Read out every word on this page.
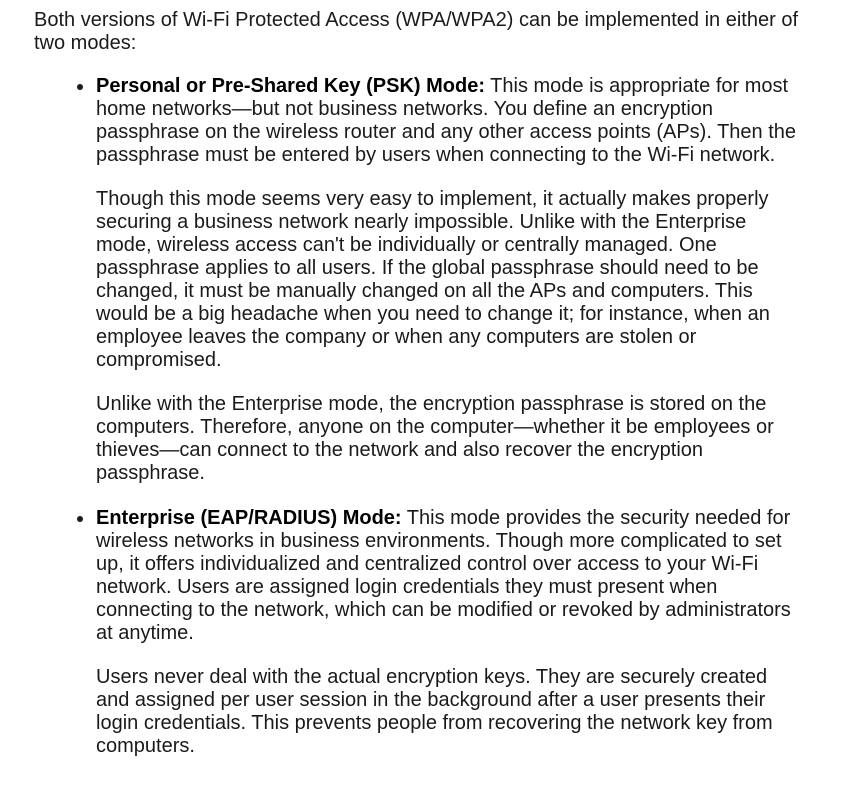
Both versions of Wi-Fi Protected Access (WPA/WPA2) can be implemented in either of two modes:

Personal or Pre-Shared Key (PSK) Mode: This mode is appropriate for most home networks—but not business networks. You define an encryption passphrase on the wireless router and any other access points (APs). Then the passphrase must be entered by users when connecting to the Wi-Fi network.

Though this mode seems very easy to implement, it actually makes properly securing a business network nearly impossible. Unlike with the Enterprise mode, wireless access can't be individually or centrally managed. One passphrase applies to all users. If the global passphrase should need to be changed, it must be manually changed on all the APs and computers. This would be a big headache when you need to change it; for instance, when an employee leaves the company or when any computers are stolen or compromised.

Unlike with the Enterprise mode, the encryption passphrase is stored on the computers. Therefore, anyone on the computer—whether it be employees or thieves—can connect to the network and also recover the encryption passphrase.

Enterprise (EAP/RADIUS) Mode: This mode provides the security needed for wireless networks in business environments. Though more complicated to set up, it offers individualized and centralized control over access to your Wi-Fi network. Users are assigned login credentials they must present when connecting to the network, which can be modified or revoked by administrators at anytime.

Users never deal with the actual encryption keys. They are securely created and assigned per user session in the background after a user presents their login credentials. This prevents people from recovering the network key from computers.
